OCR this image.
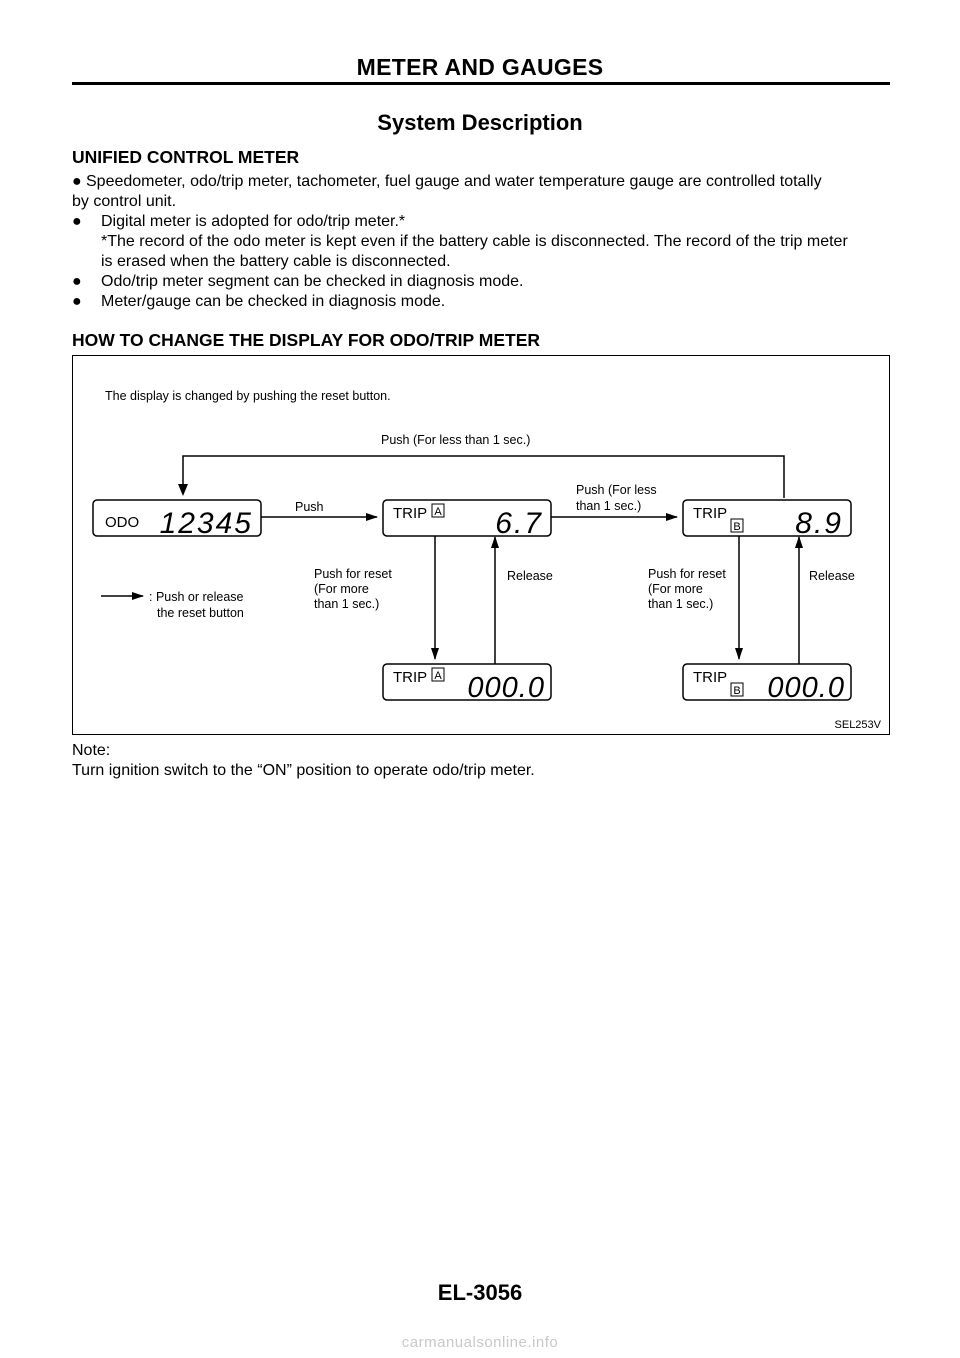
METER AND GAUGES
System Description
UNIFIED CONTROL METER
● Speedometer, odo/trip meter, tachometer, fuel gauge and water temperature gauge are controlled totally
by control unit.
● Digital meter is adopted for odo/trip meter.*
*The record of the odo meter is kept even if the battery cable is disconnected. The record of the trip meter
is erased when the battery cable is disconnected.
● Odo/trip meter segment can be checked in diagnosis mode.
● Meter/gauge can be checked in diagnosis mode.
HOW TO CHANGE THE DISPLAY FOR ODO/TRIP METER
The display is changed by pushing the reset button.
Push (For less than 1 sec.)
ODO 12345	Push	TRIP A 6.7
Push (For less
than 1 sec.)	TRIP
B 8.9
Push for reset
(For more
than 1 sec.)
Release	Push for reset
(For more
than 1 sec.)
Release
TRIP A 000.0	TRIP
B 000.0
: Push or release
the reset button
SEL253V
Note:
Turn ignition switch to the “ON” position to operate odo/trip meter.
EL-3056
carmanualsonline.info
